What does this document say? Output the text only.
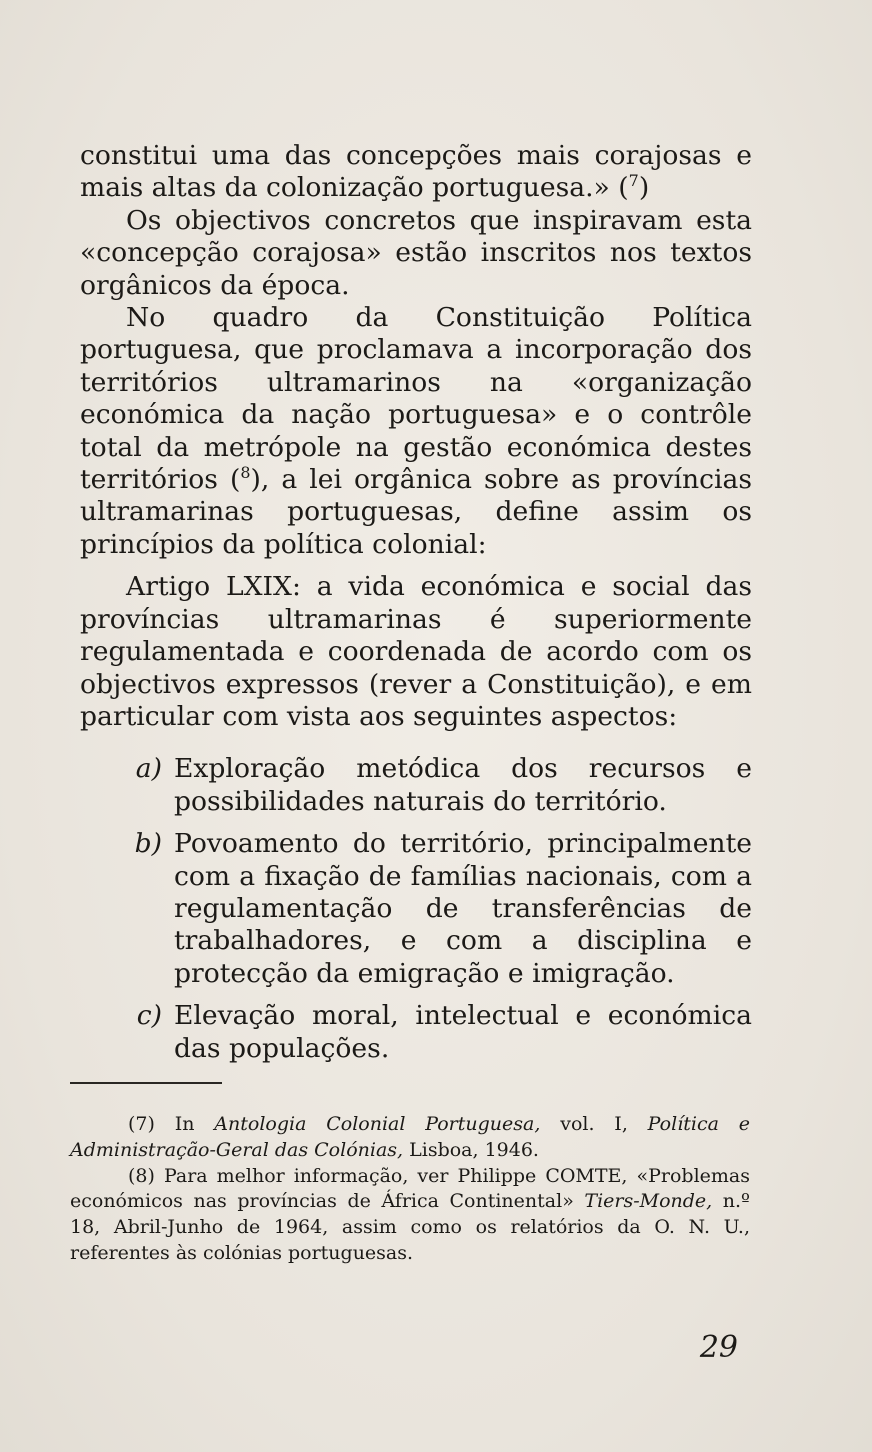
constitui uma das concepções mais corajosas e mais altas da colonização portuguesa.» ($^7$)

Os objectivos concretos que inspiravam esta «concepção corajosa» estão inscritos nos textos orgânicos da época.

No quadro da Constituição Política portuguesa, que proclamava a incorporação dos territórios ultramarinos na «organização económica da nação portuguesa» e o contrôle total da metrópole na gestão económica destes territórios ($^8$), a lei orgânica sobre as províncias ultramarinas portuguesas, define assim os princípios da política colonial:

Artigo LXIX: a vida económica e social das províncias ultramarinas é superiormente regulamentada e coordenada de acordo com os objectivos expressos (rever a Constituição), e em particular com vista aos seguintes aspectos:

a) Exploração metódica dos recursos e possibilidades naturais do território.
b) Povoamento do território, principalmente com a fixação de famílias nacionais, com a regulamentação de transferências de trabalhadores, e com a disciplina e protecção da emigração e imigração.
c) Elevação moral, intelectual e económica das populações.

(7) In Antologia Colonial Portuguesa, vol. I, Política e Administração-Geral das Colónias, Lisboa, 1946.

(8) Para melhor informação, ver Philippe COMTE, «Problemas económicos nas províncias de África Continental» Tiers-Monde, n.º 18, Abril-Junho de 1964, assim como os relatórios da O. N. U., referentes às colónias portuguesas.

29
